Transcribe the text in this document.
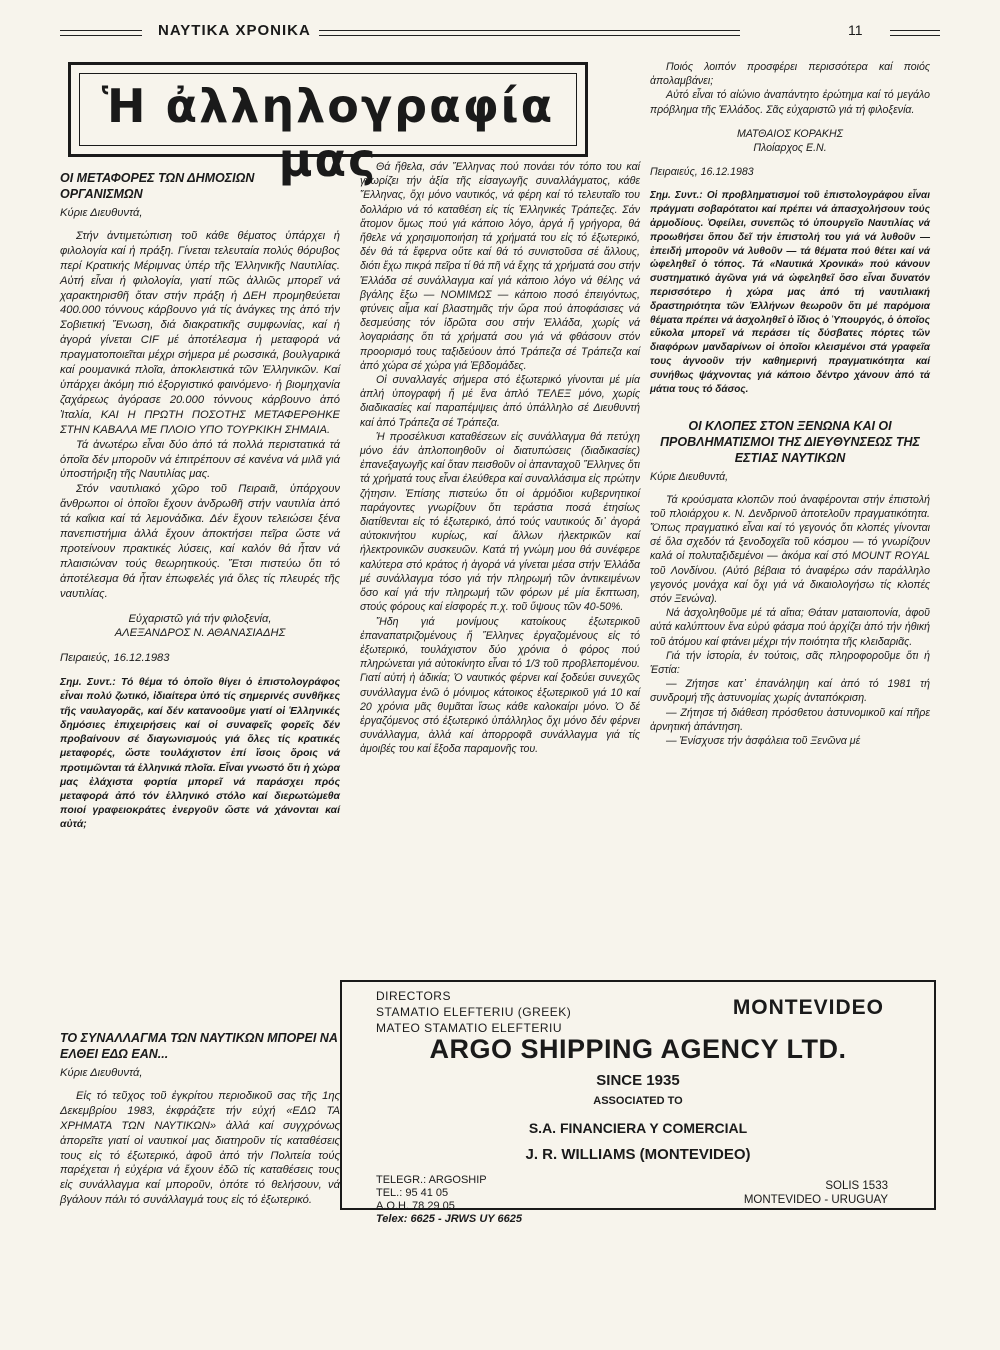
ΝΑΥΤΙΚΑ ΧΡΟΝΙΚΑ	11
Ἡ ἀλληλογραφία μας

ΟΙ ΜΕΤΑΦΟΡΕΣ ΤΩΝ ΔΗΜΟΣΙΩΝ ΟΡΓΑΝΙΣΜΩΝ

Κύριε Διευθυντά,

Στήν ἀντιμετώπιση τοῦ κάθε θέματος ὑπάρχει ἡ φιλολογία καί ἡ πράξη. Γίνεται τελευταία πολύς θόρυβος περί Κρατικής Μέριμνας ὑπέρ τῆς Ἑλληνικῆς Ναυτιλίας. Αὐτή εἶναι ἡ φιλολογία, γιατί πῶς ἀλλιῶς μπορεῖ νά χαρακτηρισθῆ ὅταν στήν πράξη ἡ ΔΕΗ προμηθεύεται 400.000 τόννους κάρβουνο γιά τίς ἀνάγκες της ἀπό τήν Σοβιετική Ἕνωση, διά διακρατικῆς συμφωνίας, καί ἡ ἀγορά γίνεται CIF μέ ἀποτέλεσμα ἡ μεταφορά νά πραγματοποιεῖται μέχρι σήμερα μέ ρωσσικά, βουλγαρικά καί ρουμανικά πλοῖα, ἀποκλειστικά τῶν Ἑλληνικῶν. Καί ὑπάρχει ἀκόμη πιό ἐξοργιστικό φαινόμενο· ἡ βιομηχανία ζαχάρεως ἀγόρασε 20.000 τόννους κάρβουνο ἀπό Ἰταλία, ΚΑΙ Η ΠΡΩΤΗ ΠΟΣΟΤΗΣ ΜΕΤΑΦΕΡΘΗΚΕ ΣΤΗΝ ΚΑΒΑΛΑ ΜΕ ΠΛΟΙΟ ΥΠΟ ΤΟΥΡΚΙΚΗ ΣΗΜΑΙΑ.

Τά ἀνωτέρω εἶναι δύο ἀπό τά πολλά περιστατικά τά ὁποῖα δέν μποροῦν νά ἐπιτρέπουν σέ κανένα νά μιλᾶ γιά ὑποστήριξη τῆς Ναυτιλίας μας.

Στόν ναυτιλιακό χῶρο τοῦ Πειραιᾶ, ὑπάρχουν ἄνθρωποι οἱ ὁποῖοι ἔχουν ἀνδρωθῆ στήν ναυτιλία ἀπό τά καΐκια καί τά λεμονάδικα. Δέν ἔχουν τελειώσει ξένα πανεπιστήμια ἀλλά ἔχουν ἀποκτήσει πεῖρα ὥστε νά προτείνουν πρακτικές λύσεις, καί καλόν θά ἦταν νά πλαισιώναν τούς θεωρητικούς. Ἔτσι πιστεύω ὅτι τό ἀποτέλεσμα θά ἦταν ἐπωφελές γιά ὅλες τίς πλευρές τῆς ναυτιλίας.

Εὐχαριστῶ γιά τήν φιλοξενία,

ΑΛΕΞΑΝΔΡΟΣ Ν. ΑΘΑΝΑΣΙΑΔΗΣ

Πειραιεύς, 16.12.1983

Σημ. Συντ.: Τό θέμα τό ὁποῖο θίγει ὁ ἐπιστολογράφος εἶναι πολύ ζωτικό, ἰδιαίτερα ὑπό τίς σημερινές συνθῆκες τῆς ναυλαγορᾶς, καί δέν κατανοοῦμε γιατί οἱ Ἑλληνικές δημόσιες ἐπιχειρήσεις καί οἱ συναφεῖς φορεῖς δέν προβαίνουν σέ διαγωνισμούς γιά ὅλες τίς κρατικές μεταφορές, ὥστε τουλάχιστον ἐπί ἴσοις ὅροις νά προτιμῶνται τά ἑλληνικά πλοῖα. Εἶναι γνωστό ὅτι ἡ χώρα μας ἐλάχιστα φορτία μπορεῖ νά παράσχει πρός μεταφορά ἀπό τόν ἑλληνικό στόλο καί διερωτώμεθα ποιοί γραφειοκράτες ἐνεργοῦν ὥστε νά χάνονται καί αὐτά;

ΤΟ ΣΥΝΑΛΛΑΓΜΑ ΤΩΝ ΝΑΥΤΙΚΩΝ ΜΠΟΡΕΙ ΝΑ ΕΛΘΕΙ ΕΔΩ ΕΑΝ...

Κύριε Διευθυντά,

Εἰς τό τεῦχος τοῦ ἐγκρίτου περιοδικοῦ σας τῆς 1ης Δεκεμβρίου 1983, ἐκφράζετε τήν εὐχή «ΕΔΩ ΤΑ ΧΡΗΜΑΤΑ ΤΩΝ ΝΑΥΤΙΚΩΝ» ἀλλά καί συγχρόνως ἀπορεῖτε γιατί οἱ ναυτικοί μας διατηροῦν τίς καταθέσεις τους εἰς τό ἐξωτερικό, ἀφοῦ ἀπό τήν Πολιτεία τούς παρέχεται ἡ εὐχέρια νά ἔχουν ἐδῶ τίς καταθέσεις τους εἰς συνάλλαγμα καί μποροῦν, ὁπότε τό θελήσουν, νά βγάλουν πάλι τό συνάλλαγμά τους εἰς τό ἐξωτερικό.

Θά ἤθελα, σάν Ἕλληνας πού πονάει τόν τόπο του καί γνωρίζει τήν ἀξία τῆς εἰσαγωγῆς συναλλάγματος, κάθε Ἕλληνας, ὄχι μόνο ναυτικός, νά φέρη καί τό τελευταῖο του δολλάριο νά τό καταθέση εἰς τίς Ἑλληνικές Τράπεζες. Σάν ἄτομον ὅμως πού γιά κάποιο λόγο, ἀργά ἤ γρήγορα, θά ἤθελε νά χρησιμοποιήση τά χρήματά του εἰς τό ἐξωτερικό, δέν θά τά ἔφερνα οὔτε καί θά τό συνιστοῦσα σέ ἄλλους, διότι ἔχω πικρά πεῖρα τί θά πῆ νά ἔχης τά χρήματά σου στήν Ἑλλάδα σέ συνάλλαγμα καί γιά κάποιο λόγο νά θέλης νά βγάλης ἔξω — ΝΟΜΙΜΩΣ — κάποιο ποσό ἐπειγόντως, φτύνεις αἷμα καί βλαστημᾶς τήν ὥρα πού ἀποφάσισες νά δεσμεύσης τόν ἱδρῶτα σου στήν Ἑλλάδα, χωρίς νά λογαριάσης ὅτι τά χρήματά σου γιά νά φθάσουν στόν προορισμό τους ταξιδεύουν ἀπό Τράπεζα σέ Τράπεζα καί ἀπό χώρα σέ χώρα γιά Ἑβδομάδες.

Οἱ συναλλαγές σήμερα στό ἐξωτερικό γίνονται μέ μία ἁπλή ὑπογραφή ἤ μέ ἕνα ἁπλό ΤΕΛΕΞ μόνο, χωρίς διαδικασίες καί παραπέμψεις ἀπό ὑπάλληλο σέ Διευθυντή καί ἀπό Τράπεζα σέ Τράπεζα.

Ἡ προσέλκυσι καταθέσεων εἰς συνάλλαγμα θά πετύχη μόνο ἐάν ἁπλοποιηθοῦν οἱ διατυπώσεις (διαδικασίες) ἐπανεξαγωγῆς καί ὅταν πεισθοῦν οἱ ἁπανταχοῦ Ἕλληνες ὅτι τά χρήματά τους εἶναι ἐλεύθερα καί συναλλάσιμα εἰς πρώτην ζήτησιν. Ἐπίσης πιστεύω ὅτι οἱ ἁρμόδιοι κυβερνητικοί παράγοντες γνωρίζουν ὅτι τεράστια ποσά ἐτησίως διατίθενται εἰς τό ἐξωτερικό, ἀπό τούς ναυτικούς δι᾽ ἀγορά αὐτοκινήτου κυρίως, καί ἄλλων ἠλεκτρικῶν καί ἠλεκτρονικῶν συσκευῶν. Κατά τή γνώμη μου θά συνέφερε καλύτερα στό κράτος ἡ ἀγορά νά γίνεται μέσα στήν Ἑλλάδα μέ συνάλλαγμα τόσο γιά τήν πληρωμή τῶν ἀντικειμένων ὅσο καί γιά τήν πληρωμή τῶν φόρων μέ μία ἔκπτωση, στούς φόρους καί εἰσφορές π.χ. τοῦ ὕψους τῶν 40-50%.

Ἤδη γιά μονίμους κατοίκους ἐξωτερικοῦ ἐπαναπατριζομένους ἤ Ἕλληνες ἐργαζομένους εἰς τό ἐξωτερικό, τουλάχιστον δύο χρόνια ὁ φόρος πού πληρώνεται γιά αὐτοκίνητο εἶναι τό 1/3 τοῦ προβλεπομένου. Γιατί αὐτή ἡ ἀδικία; Ὁ ναυτικός φέρνει καί ξοδεύει συνεχῶς συνάλλαγμα ἐνῶ ὁ μόνιμος κάτοικος ἐξωτερικοῦ γιά 10 καί 20 χρόνια μᾶς θυμᾶται ἴσως κάθε καλοκαίρι μόνο. Ὁ δέ ἐργαζόμενος στό ἐξωτερικό ὑπάλληλος ὄχι μόνο δέν φέρνει συνάλλαγμα, ἀλλά καί ἀπορροφᾶ συνάλλαγμα γιά τίς ἀμοιβές του καί ἔξοδα παραμονῆς του.

Ποιός λοιπόν προσφέρει περισσότερα καί ποιός ἀπολαμβάνει;

Αὐτό εἶναι τό αἰώνιο ἀναπάντητο ἐρώτημα καί τό μεγάλο πρόβλημα τῆς Ἑλλάδος. Σᾶς εὐχαριστῶ γιά τή φιλοξενία.

ΜΑΤΘΑΙΟΣ ΚΟΡΑΚΗΣ

Πλοίαρχος Ε.Ν.

Πειραιεύς, 16.12.1983

Σημ. Συντ.: Οἱ προβληματισμοί τοῦ ἐπιστολογράφου εἶναι πράγματι σοβαρότατοι καί πρέπει νά ἀπασχολήσουν τούς ἁρμοδίους. Ὀφείλει, συνεπῶς τό ὑπουργεῖο Ναυτιλίας νά προωθήσει ὅπου δεῖ τήν ἐπιστολή του γιά νά λυθοῦν — ἐπειδή μποροῦν νά λυθοῦν — τά θέματα πού θέτει καί νά ὠφεληθεῖ ὁ τόπος. Τά «Ναυτικά Χρονικά» πού κάνουν συστηματικό ἀγῶνα γιά νά ὠφεληθεῖ ὅσο εἶναι δυνατόν περισσότερο ἡ χώρα μας ἀπό τή ναυτιλιακή δραστηριότητα τῶν Ἑλλήνων θεωροῦν ὅτι μέ παρόμοια θέματα πρέπει νά ἀσχοληθεῖ ὁ ἴδιος ὁ Ὑπουργός, ὁ ὁποῖος εὔκολα μπορεῖ νά περάσει τίς δύσβατες πόρτες τῶν διαφόρων μανδαρίνων οἱ ὁποῖοι κλεισμένοι στά γραφεῖα τους ἀγνοοῦν τήν καθημερινή πραγματικότητα καί συνήθως ψάχνοντας γιά κάποιο δέντρο χάνουν ἀπό τά μάτια τους τό δάσος.

ΟΙ ΚΛΟΠΕΣ ΣΤΟΝ ΞΕΝΩΝΑ ΚΑΙ ΟΙ ΠΡΟΒΛΗΜΑΤΙΣΜΟΙ ΤΗΣ ΔΙΕΥΘΥΝΣΕΩΣ ΤΗΣ ΕΣΤΙΑΣ ΝΑΥΤΙΚΩΝ

Κύριε Διευθυντά,

Τά κρούσματα κλοπῶν πού ἀναφέρονται στήν ἐπιστολή τοῦ πλοιάρχου κ. Ν. Δενδρινοῦ ἀποτελοῦν πραγματικότητα. Ὅπως πραγματικό εἶναι καί τό γεγονός ὅτι κλοπές γίνονται σέ ὅλα σχεδόν τά ξενοδοχεῖα τοῦ κόσμου — τό γνωρίζουν καλά οἱ πολυταξιδεμένοι — ἀκόμα καί στό MOUNT ROYAL τοῦ Λονδίνου. (Αὐτό βέβαια τό ἀναφέρω σάν παράλληλο γεγονός μονάχα καί ὄχι γιά νά δικαιολογήσω τίς κλοπές στόν Ξενώνα).

Νά ἀσχοληθοῦμε μέ τά αἴτια; Θάταν ματαιοπονία, ἀφοῦ αὐτά καλύπτουν ἕνα εὐρύ φάσμα πού ἀρχίζει ἀπό τήν ἠθική τοῦ ἀτόμου καί φτάνει μέχρι τήν ποιότητα τῆς κλειδαριᾶς.

Γιά τήν ἱστορία, ἐν τούτοις, σᾶς πληροφοροῦμε ὅτι ἡ Ἑστία:

— Ζήτησε κατ᾽ ἐπανάληψη καί ἀπό τό 1981 τή συνδρομή τῆς ἀστυνομίας χωρίς ἀνταπόκριση.

— Ζήτησε τή διάθεση πρόσθετου ἀστυνομικοῦ καί πῆρε ἀρνητική ἀπάντηση.

— Ἐνίσχυσε τήν ἀσφάλεια τοῦ Ξενῶνα μέ

DIRECTORS
STAMATIO ELEFTERIU (GREEK)
MATEO STAMATIO ELEFTERIU
MONTEVIDEO
ARGO SHIPPING AGENCY LTD.
SINCE 1935
ASSOCIATED TO
S.A. FINANCIERA Y COMERCIAL
J. R. WILLIAMS (MONTEVIDEO)
TELEGR.: ARGOSHIP
TEL.: 95 41 05
A.O.H. 78 29 05
Telex: 6625 - JRWS UY 6625
SOLIS 1533
MONTEVIDEO - URUGUAY
